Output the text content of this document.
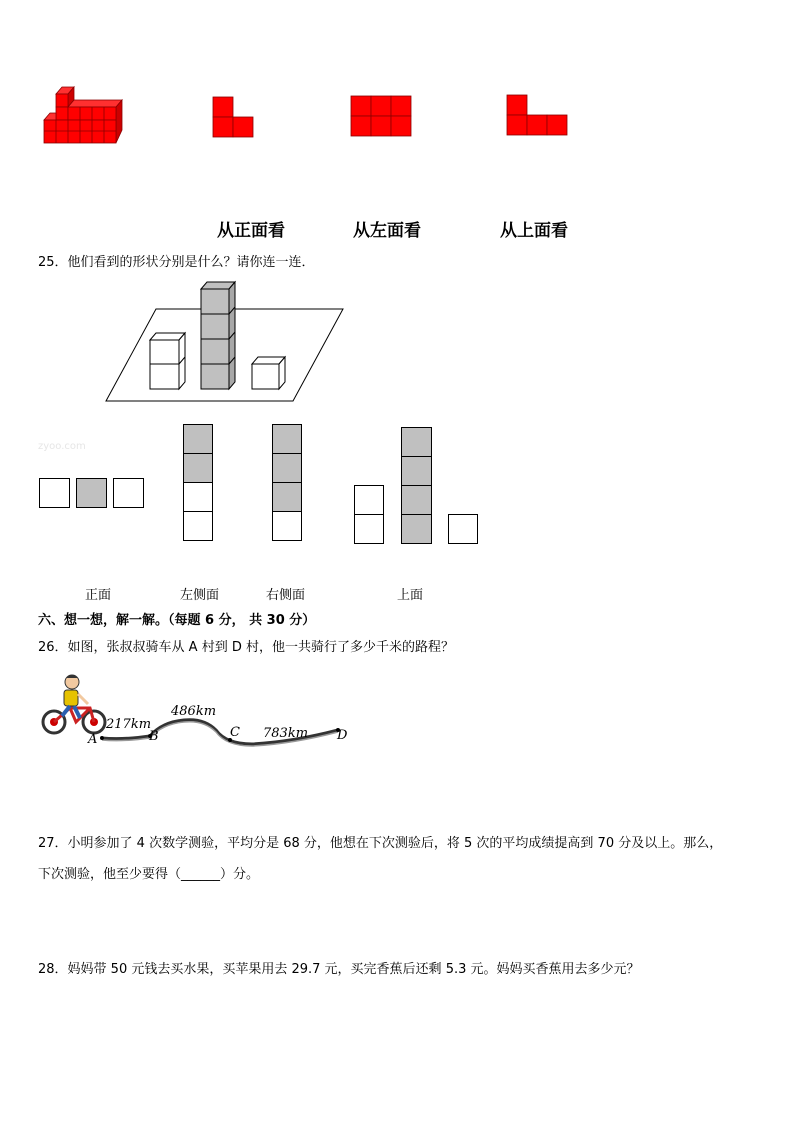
从正面看	从左面看	从上面看
25．他们看到的形状分别是什么？请你连一连．
zyoo.com
正面	左侧面	右侧面	上面
六、想一想，解一解。（每题 6 分， 共 30 分）
26．如图，张叔叔骑车从 A 村到 D 村，他一共骑行了多少千米的路程？
217km
486km
783km
A	B	C	D
27．小明参加了 4 次数学测验，平均分是 68 分，他想在下次测验后，将 5 次的平均成绩提高到 70 分及以上。那么，
下次测验，他至少要得（______）分。
28．妈妈带 50 元钱去买水果，买苹果用去 29.7 元，买完香蕉后还剩 5.3 元。妈妈买香蕉用去多少元？
